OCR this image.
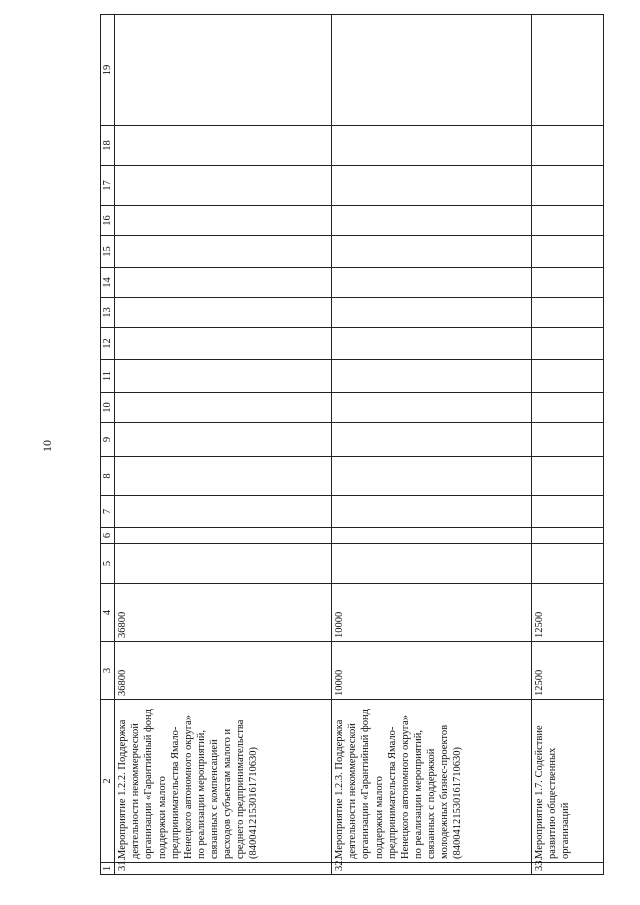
10
1	2	3	4	5	6	7	8	9	10	11	12	13	14	15	16	17	18	19
31.	Мероприятие 1.2.2. Поддержка деятельности некоммерческой организации «Гарантийный фонд поддержки малого предпринимательства Ямало-Ненецкого автономного округа» по реализации мероприятий, связанных с компенсацией расходов субъектам малого и среднего предпринимательства (84004121530161710630)	36800	36800															
32.	Мероприятие 1.2.3. Поддержка деятельности некоммерческой организации «Гарантийный фонд поддержки малого предпринимательства Ямало-Ненецкого автономного округа» по реализации мероприятий, связанных с поддержкой молодежных бизнес-проектов (84004121530161710630)	10000	10000															
33.	Мероприятие 1.7. Содействие развитию общественных организаций	12500	12500															
